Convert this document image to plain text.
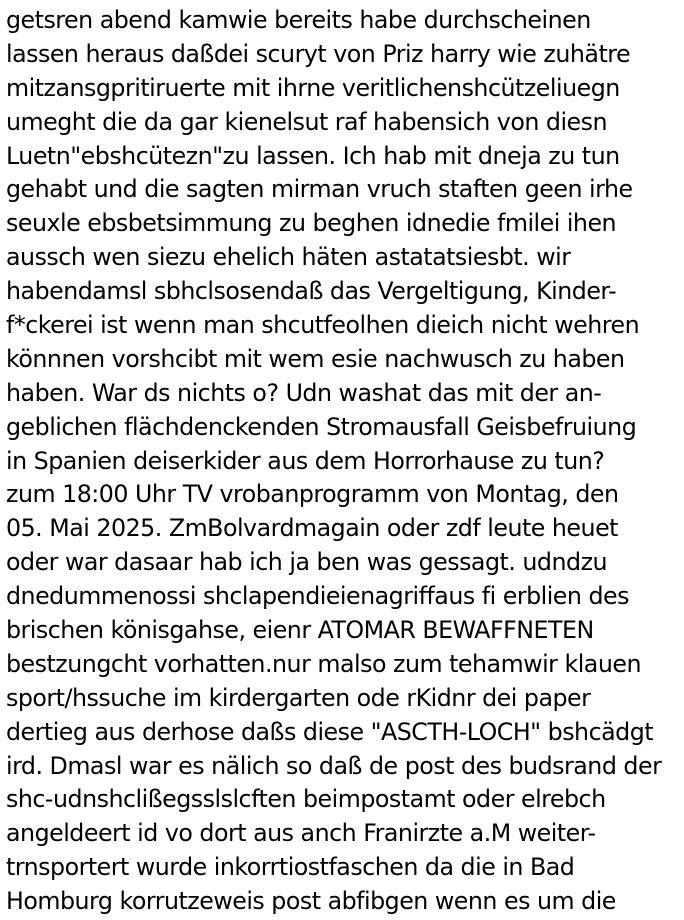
getsren abend kamwie bereits habe durchscheinen
lassen heraus daßdei scuryt von Priz harry wie zuhätre
mitzansgpritiruerte mit ihrne veritlichenshcützeliuegn
umeght die da gar kienelsut raf habensich von diesn
Luetn"ebshcütezn"zu lassen. Ich hab mit dneja zu tun
gehabt und die sagten mirman vruch staften geen irhe
seuxle ebsbetsimmung zu beghen idnedie fmilei ihen
aussch wen siezu ehelich häten astatatsiesbt. wir
habendamsl sbhclsosendaß das Vergeltigung, Kinder-
f*ckerei ist wenn man shcutfeolhen dieich nicht wehren
könnnen vorshcibt mit wem esie nachwusch zu haben
haben. War ds nichts o? Udn washat das mit der an-
geblichen flächdenckenden Stromausfall Geisbefruiung
in Spanien deiserkider aus dem Horrorhause zu tun?
zum 18:00 Uhr TV vrobanprogramm von Montag, den
05. Mai 2025. ZmBolvardmagain oder zdf leute heuet
oder war dasaar hab ich ja ben was gessagt. udndzu
dnedummenossi shclapendieienagriffaus fi erblien des
brischen könisgahse, eienr ATOMAR BEWAFFNETEN
bestzungcht vorhatten.nur malso zum tehamwir klauen
sport/hssuche im kirdergarten ode rKidnr dei paper
dertieg aus derhose daßs diese "ASCTH-LOCH" bshcädgt
ird. Dmasl war es nälich so daß de post des budsrand der
shc-udnshclißegsslslcften beimpostamt oder elrebch
angeldeert id vo dort aus anch Franirzte a.M weiter-
trnsportert wurde inkorrtiostfaschen da die in Bad
Homburg korrutzeweis post abfibgen wenn es um die
